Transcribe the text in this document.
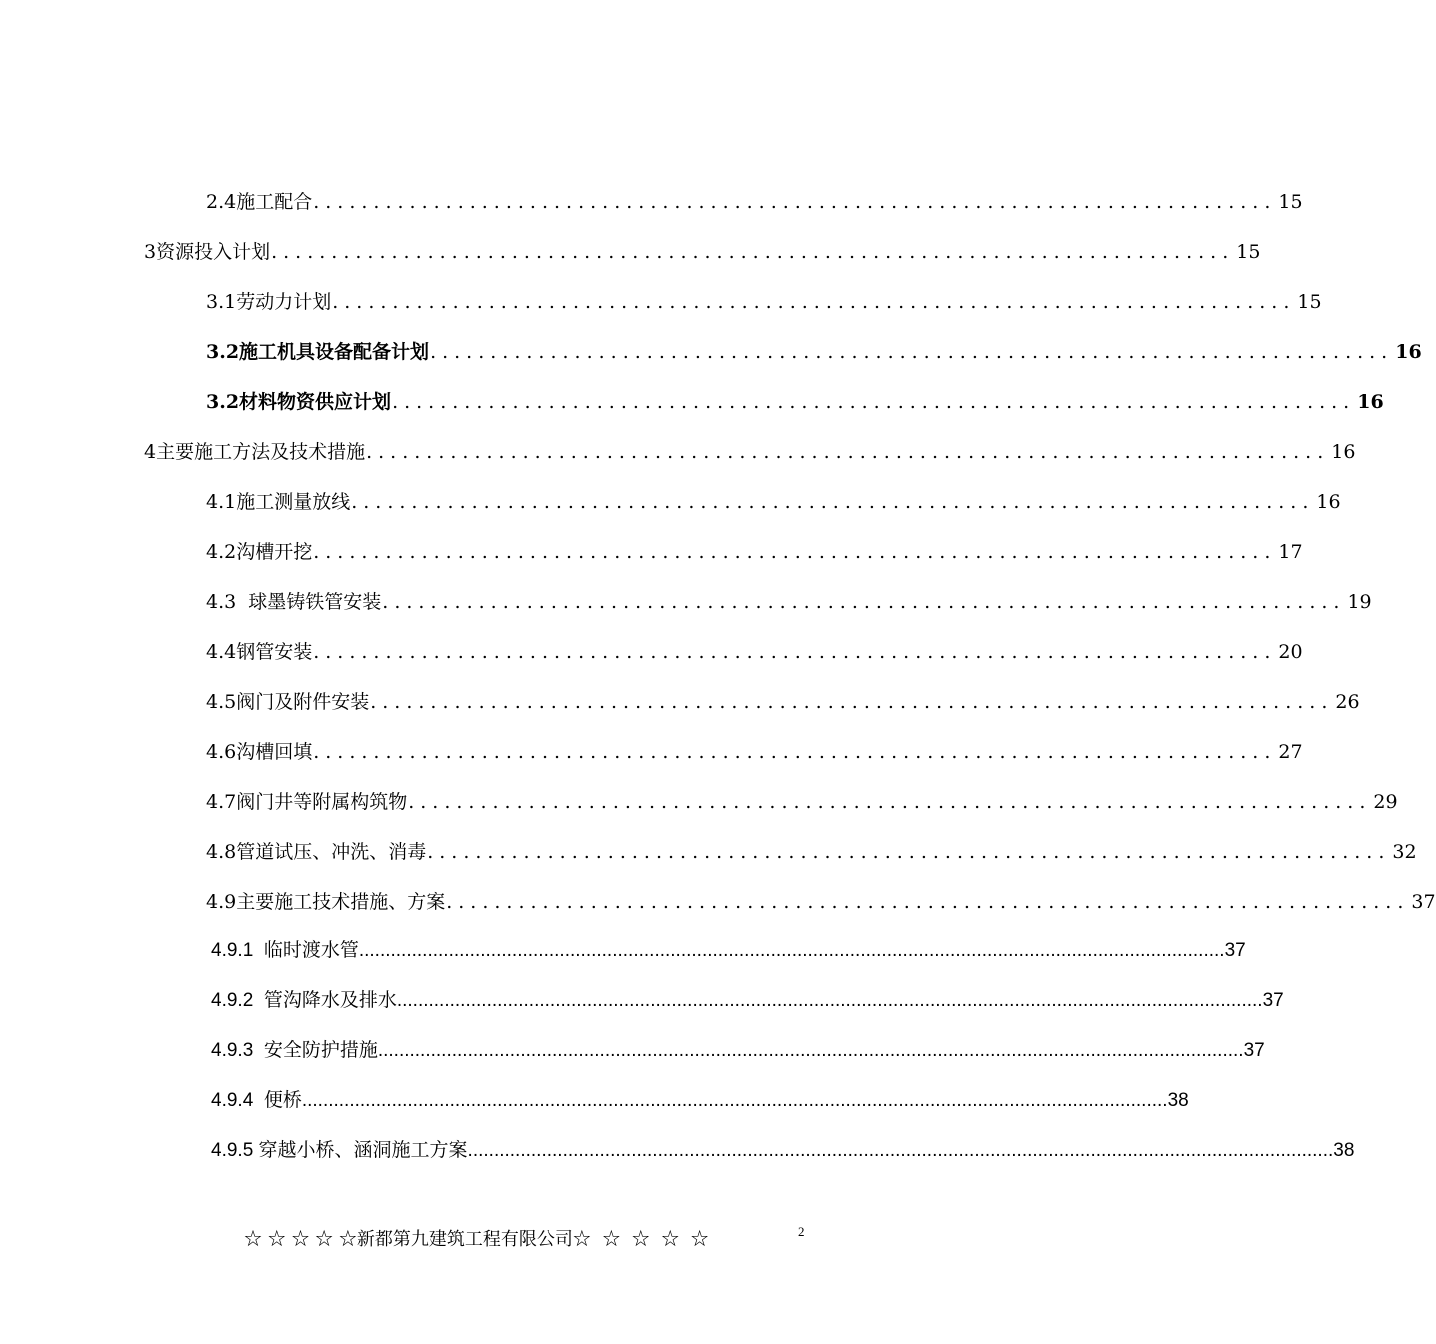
2.4施工配合 ................................................................................ 15
3资源投入计划 ................................................................................ 15
3.1劳动力计划 ................................................................................ 15
3.2施工机具设备配备计划 ................................................................................ 16
3.2材料物资供应计划 ................................................................................ 16
4主要施工方法及技术措施 ................................................................................ 16
4.1施工测量放线 ................................................................................ 16
4.2沟槽开挖 ................................................................................ 17
4.3  球墨铸铁管安装 ................................................................................ 19
4.4钢管安装 ................................................................................ 20
4.5阀门及附件安装 ................................................................................ 26
4.6沟槽回填 ................................................................................ 27
4.7阀门井等附属构筑物 ................................................................................ 29
4.8管道试压、冲洗、消毒 ................................................................................ 32
4.9主要施工技术措施、方案 ................................................................................ 37
4.9.1  临时渡水管 .................................................................................................................................................................... 37
4.9.2  管沟降水及排水 .................................................................................................................................................................... 37
4.9.3  安全防护措施 .................................................................................................................................................................... 37
4.9.4  便桥 .................................................................................................................................................................... 38
4.9.5 穿越小桥、涵洞施工方案 .................................................................................................................................................................... 38
☆ ☆ ☆ ☆ ☆新都第九建筑工程有限公司☆  ☆  ☆  ☆  ☆	2
